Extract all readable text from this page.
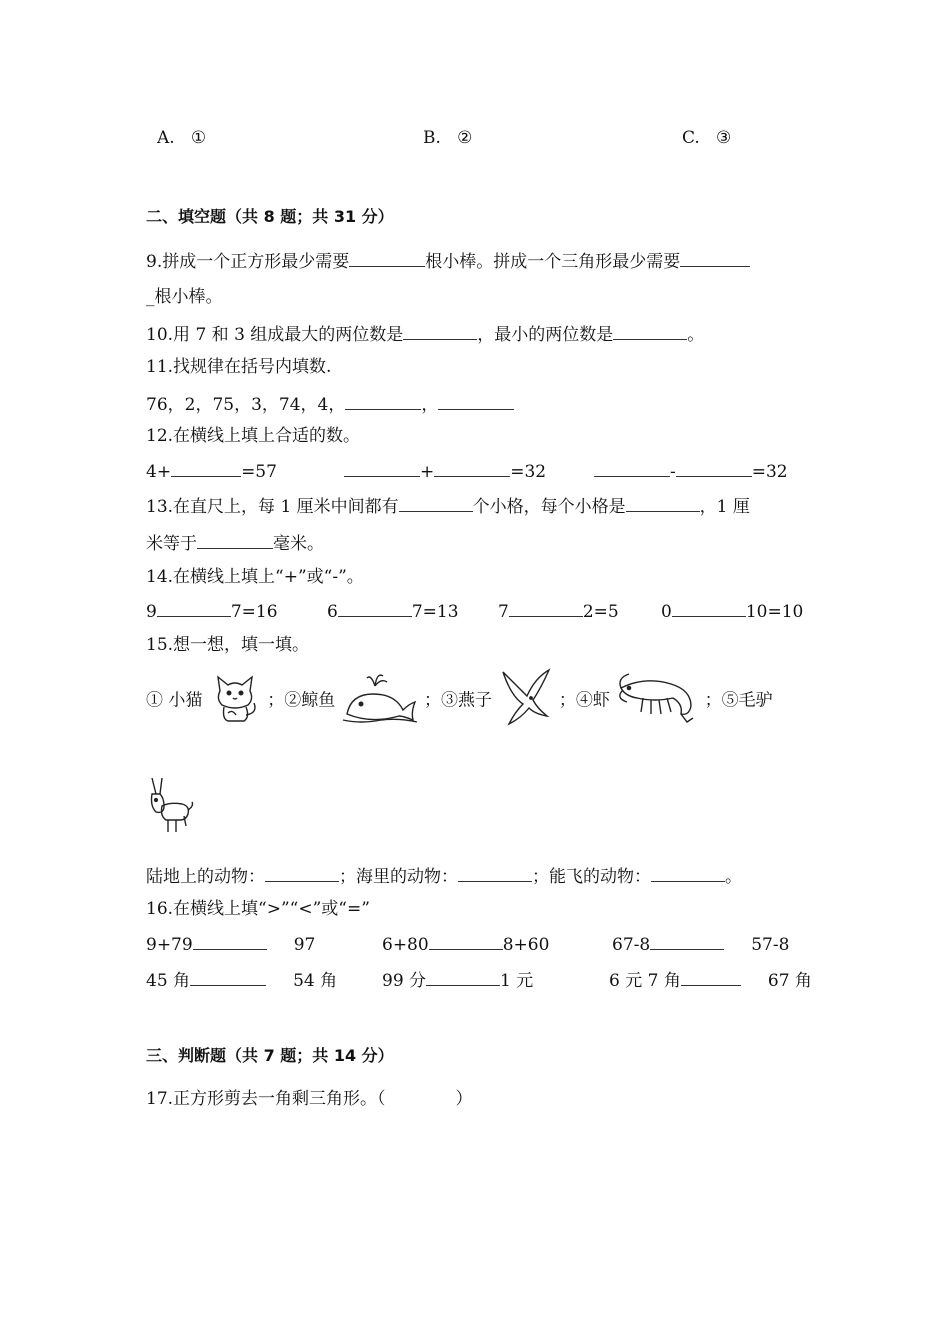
A. ①	B. ②	C. ③
二、填空题（共 8 题；共 31 分）
9.拼成一个正方形最少需要	根小棒。拼成一个三角形最少需要
_根小棒。
10.用 7 和 3 组成最大的两位数是	，最小的两位数是	。
11.找规律在括号内填数.
76，2，75，3，74，4，	，
12.在横线上填上合适的数。
4+	=57	+	=32	-	=32
13.在直尺上，每 1 厘米中间都有	个小格，每个小格是	，1 厘
米等于	毫米。
14.在横线上填上“+”或“-”。
9	7=16	6	7=13 7	2=5 0	10=10
15.想一想，填一填。
① 小猫	；②鲸鱼	；③燕子	；④虾	；⑤毛驴
陆地上的动物：	；海里的动物：	；能飞的动物：	。
16.在横线上填“>”“<”或“=”
9+79	97	6+80	8+60	67-8	57-8
45 角	54 角	99 分	1 元	6 元 7 角	67 角
三、判断题（共 7 题；共 14 分）
17.正方形剪去一角剩三角形。（	）
